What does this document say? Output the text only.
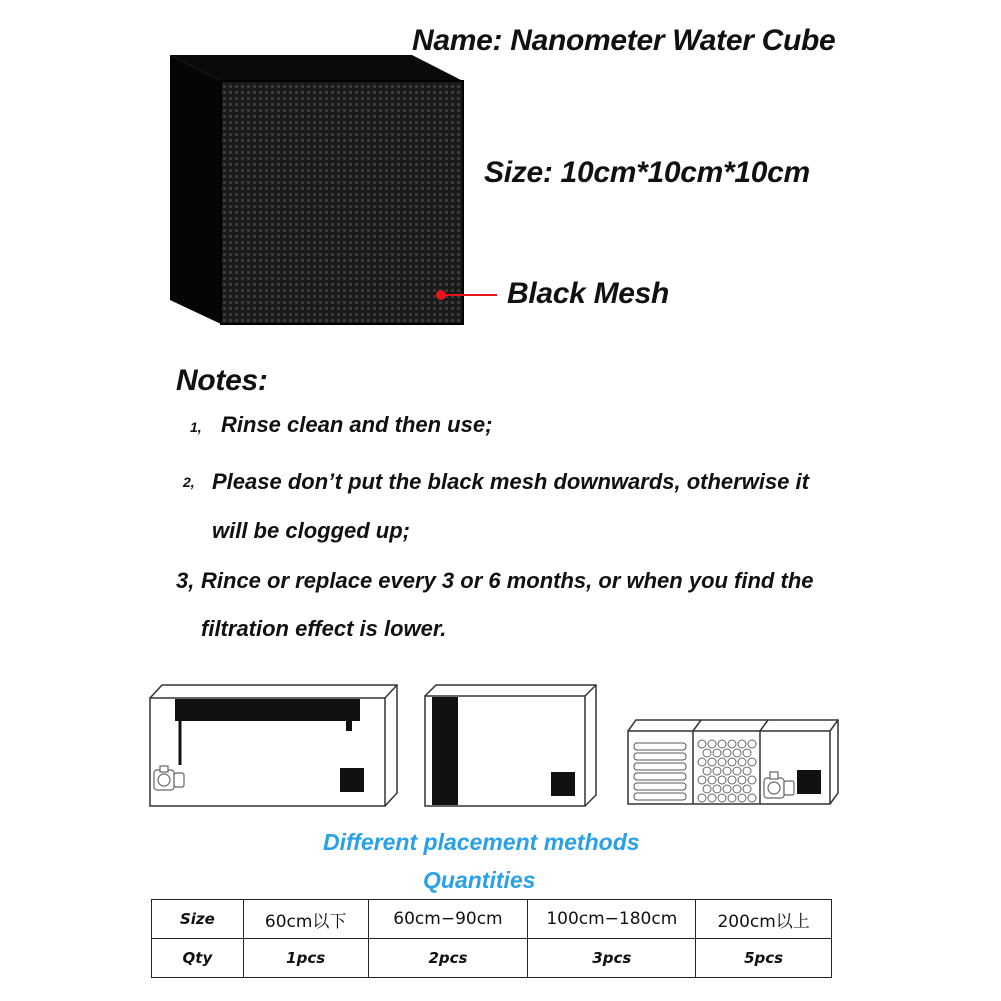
Name: Nanometer Water Cube
Size: 10cm*10cm*10cm
Black Mesh
Notes:
1, Rinse clean and then use;
2, Please don’t put the black mesh downwards, otherwise it
will be clogged up;
3, Rince or replace every 3 or 6 months, or when you find the
filtration effect is lower.
Different placement methods
Quantities
Size	60cm以下	60cm−90cm	100cm−180cm	200cm以上
Qty	1pcs	2pcs	3pcs	5pcs
